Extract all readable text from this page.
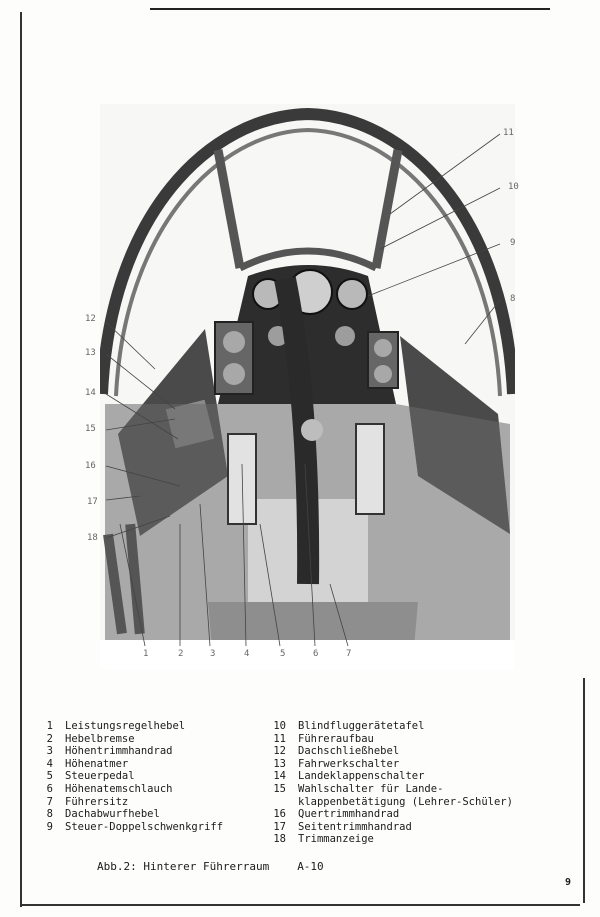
1	2	3	4	5	6	7
11
10
9
8
12
13
14
15
16
17
18
1 Leistungsregelhebel
2 Hebelbremse
3 Höhentrimmhandrad
4 Höhenatmer
5 Steuerpedal
6 Höhenatemschlauch
7 Führersitz
8 Dachabwurfhebel
9 Steuer-Doppelschwenkgriff
10 Blindfluggerätetafel
11 Führeraufbau
12 Dachschließhebel
13 Fahrwerkschalter
14 Landeklappenschalter
15 Wahlschalter für Lande-
klappenbetätigung (Lehrer-Schüler)
16 Quertrimmhandrad
17 Seitentrimmhandrad
18 Trimmanzeige
Abb.2: Hinterer Führerraum	A-10
9
